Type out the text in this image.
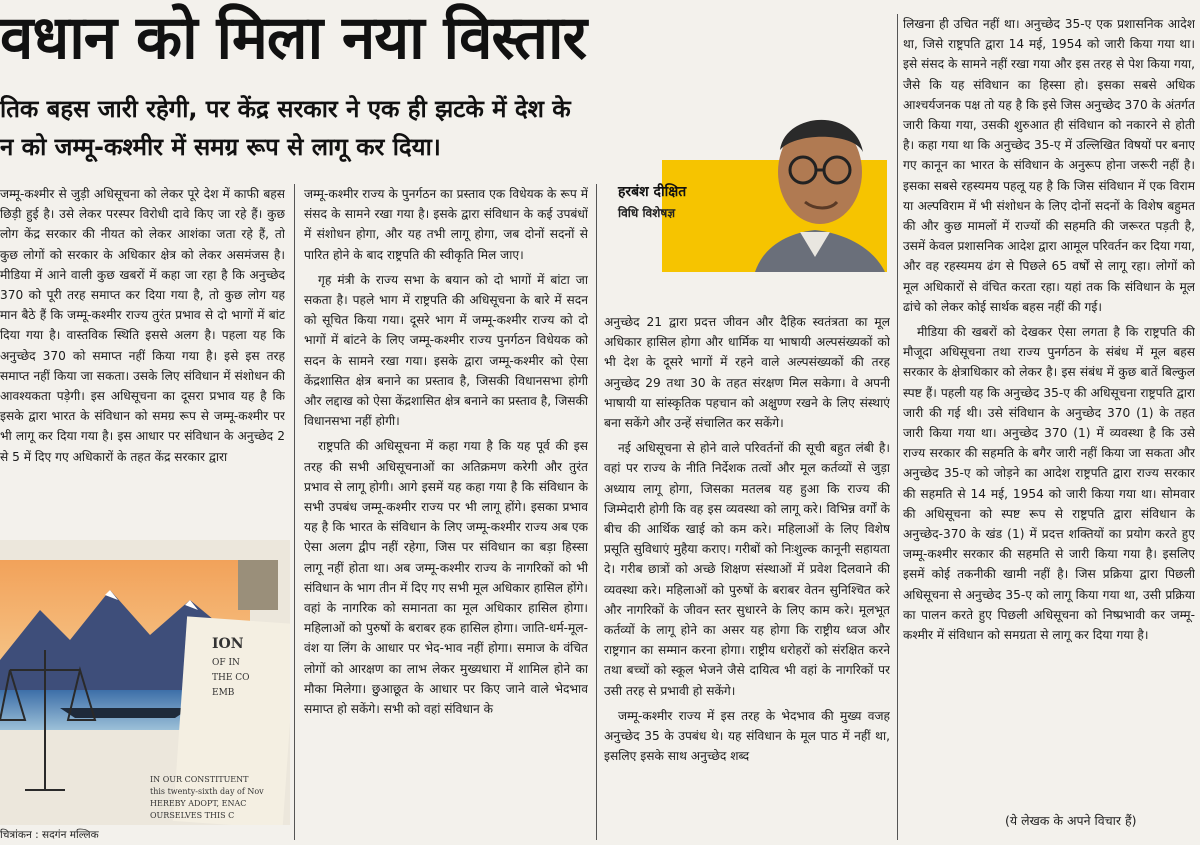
वधान को मिला नया विस्तार
तिक बहस जारी रहेगी, पर केंद्र सरकार ने एक ही झटके में देश के
न को जम्मू-कश्मीर में समग्र रूप से लागू कर दिया।

जम्मू-कश्मीर से जुड़ी अधिसूचना को लेकर पूरे देश में काफी बहस छिड़ी हुई है। उसे लेकर परस्पर विरोधी दावे किए जा रहे हैं। कुछ लोग केंद्र सरकार की नीयत को लेकर आशंका जता रहे हैं, तो कुछ लोगों को सरकार के अधिकार क्षेत्र को लेकर असमंजस है। मीडिया में आने वाली कुछ खबरों में कहा जा रहा है कि अनुच्छेद 370 को पूरी तरह समाप्त कर दिया गया है, तो कुछ लोग यह मान बैठे हैं कि जम्मू-कश्मीर राज्य तुरंत प्रभाव से दो भागों में बांट दिया गया है। वास्तविक स्थिति इससे अलग है। पहला यह कि अनुच्छेद 370 को समाप्त नहीं किया गया है। इसे इस तरह समाप्त नहीं किया जा सकता। उसके लिए संविधान में संशोधन की आवश्यकता पड़ेगी। इस अधिसूचना का दूसरा प्रभाव यह है कि इसके द्वारा भारत के संविधान को समग्र रूप से जम्मू-कश्मीर पर भी लागू कर दिया गया है। इस आधार पर संविधान के अनुच्छेद 2 से 5 में दिए गए अधिकारों के तहत केंद्र सरकार द्वारा

जम्मू-कश्मीर राज्य के पुनर्गठन का प्रस्ताव एक विधेयक के रूप में संसद के सामने रखा गया है। इसके द्वारा संविधान के कई उपबंधों में संशोधन होगा, और यह तभी लागू होगा, जब दोनों सदनों से पारित होने के बाद राष्ट्रपति की स्वीकृति मिल जाए।

गृह मंत्री के राज्य सभा के बयान को दो भागों में बांटा जा सकता है। पहले भाग में राष्ट्रपति की अधिसूचना के बारे में सदन को सूचित किया गया। दूसरे भाग में जम्मू-कश्मीर राज्य को दो भागों में बांटने के लिए जम्मू-कश्मीर राज्य पुनर्गठन विधेयक को सदन के सामने रखा गया। इसके द्वारा जम्मू-कश्मीर को ऐसा केंद्रशासित क्षेत्र बनाने का प्रस्ताव है, जिसकी विधानसभा होगी और लद्दाख को ऐसा केंद्रशासित क्षेत्र बनाने का प्रस्ताव है, जिसकी विधानसभा नहीं होगी।

राष्ट्रपति की अधिसूचना में कहा गया है कि यह पूर्व की इस तरह की सभी अधिसूचनाओं का अतिक्रमण करेगी और तुरंत प्रभाव से लागू होगी। आगे इसमें यह कहा गया है कि संविधान के सभी उपबंध जम्मू-कश्मीर राज्य पर भी लागू होंगे। इसका प्रभाव यह है कि भारत के संविधान के लिए जम्मू-कश्मीर राज्य अब एक ऐसा अलग द्वीप नहीं रहेगा, जिस पर संविधान का बड़ा हिस्सा लागू नहीं होता था। अब जम्मू-कश्मीर राज्य के नागरिकों को भी संविधान के भाग तीन में दिए गए सभी मूल अधिकार हासिल होंगे। वहां के नागरिक को समानता का मूल अधिकार हासिल होगा। महिलाओं को पुरुषों के बराबर हक हासिल होगा। जाति-धर्म-मूल-वंश या लिंग के आधार पर भेद-भाव नहीं होगा। समाज के वंचित लोगों को आरक्षण का लाभ लेकर मुख्यधारा में शामिल होने का मौका मिलेगा। छुआछूत के आधार पर किए जाने वाले भेदभाव समाप्त हो सकेंगे। सभी को वहां संविधान के

हरबंश दीक्षित
विधि विशेषज्ञ

अनुच्छेद 21 द्वारा प्रदत्त जीवन और दैहिक स्वतंत्रता का मूल अधिकार हासिल होगा और धार्मिक या भाषायी अल्पसंख्यकों को भी देश के दूसरे भागों में रहने वाले अल्पसंख्यकों की तरह अनुच्छेद 29 तथा 30 के तहत संरक्षण मिल सकेगा। वे अपनी भाषायी या सांस्कृतिक पहचान को अक्षुण्ण रखने के लिए संस्थाएं बना सकेंगे और उन्हें संचालित कर सकेंगे।

नई अधिसूचना से होने वाले परिवर्तनों की सूची बहुत लंबी है। वहां पर राज्य के नीति निर्देशक तत्वों और मूल कर्तव्यों से जुड़ा अध्याय लागू होगा, जिसका मतलब यह हुआ कि राज्य की जिम्मेदारी होगी कि वह इस व्यवस्था को लागू करे। विभिन्न वर्गों के बीच की आर्थिक खाई को कम करे। महिलाओं के लिए विशेष प्रसूति सुविधाएं मुहैया कराए। गरीबों को निःशुल्क कानूनी सहायता दे। गरीब छात्रों को अच्छे शिक्षण संस्थाओं में प्रवेश दिलवाने की व्यवस्था करे। महिलाओं को पुरुषों के बराबर वेतन सुनिश्चित करे और नागरिकों के जीवन स्तर सुधारने के लिए काम करे। मूलभूत कर्तव्यों के लागू होने का असर यह होगा कि राष्ट्रीय ध्वज और राष्ट्रगान का सम्मान करना होगा। राष्ट्रीय धरोहरों को संरक्षित करने तथा बच्चों को स्कूल भेजने जैसे दायित्व भी वहां के नागरिकों पर उसी तरह से प्रभावी हो सकेंगे।

जम्मू-कश्मीर राज्य में इस तरह के भेदभाव की मुख्य वजह अनुच्छेद 35 के उपबंध थे। यह संविधान के मूल पाठ में नहीं था, इसलिए इसके साथ अनुच्छेद शब्द

लिखना ही उचित नहीं था। अनुच्छेद 35-ए एक प्रशासनिक आदेश था, जिसे राष्ट्रपति द्वारा 14 मई, 1954 को जारी किया गया था। इसे संसद के सामने नहीं रखा गया और इस तरह से पेश किया गया, जैसे कि यह संविधान का हिस्सा हो। इसका सबसे अधिक आश्चर्यजनक पक्ष तो यह है कि इसे जिस अनुच्छेद 370 के अंतर्गत जारी किया गया, उसकी शुरुआत ही संविधान को नकारने से होती है। कहा गया था कि अनुच्छेद 35-ए में उल्लिखित विषयों पर बनाए गए कानून का भारत के संविधान के अनुरूप होना जरूरी नहीं है। इसका सबसे रहस्यमय पहलू यह है कि जिस संविधान में एक विराम या अल्पविराम में भी संशोधन के लिए दोनों सदनों के विशेष बहुमत की और कुछ मामलों में राज्यों की सहमति की जरूरत पड़ती है, उसमें केवल प्रशासनिक आदेश द्वारा आमूल परिवर्तन कर दिया गया, और वह रहस्यमय ढंग से पिछले 65 वर्षों से लागू रहा। लोगों को मूल अधिकारों से वंचित करता रहा। यहां तक कि संविधान के मूल ढांचे को लेकर कोई सार्थक बहस नहीं की गई।

मीडिया की खबरों को देखकर ऐसा लगता है कि राष्ट्रपति की मौजूदा अधिसूचना तथा राज्य पुनर्गठन के संबंध में मूल बहस सरकार के क्षेत्राधिकार को लेकर है। इस संबंध में कुछ बातें बिल्कुल स्पष्ट हैं। पहली यह कि अनुच्छेद 35-ए की अधिसूचना राष्ट्रपति द्वारा जारी की गई थी। उसे संविधान के अनुच्छेद 370 (1) के तहत जारी किया गया था। अनुच्छेद 370 (1) में व्यवस्था है कि उसे राज्य सरकार की सहमति के बगैर जारी नहीं किया जा सकता और अनुच्छेद 35-ए को जोड़ने का आदेश राष्ट्रपति द्वारा राज्य सरकार की सहमति से 14 मई, 1954 को जारी किया गया था। सोमवार की अधिसूचना को स्पष्ट रूप से राष्ट्रपति द्वारा संविधान के अनुच्छेद-370 के खंड (1) में प्रदत्त शक्तियों का प्रयोग करते हुए जम्मू-कश्मीर सरकार की सहमति से जारी किया गया है। इसलिए इसमें कोई तकनीकी खामी नहीं है। जिस प्रक्रिया द्वारा पिछली अधिसूचना से अनुच्छेद 35-ए को लागू किया गया था, उसी प्रक्रिया का पालन करते हुए पिछली अधिसूचना को निष्प्रभावी कर जम्मू-कश्मीर में संविधान को समग्रता से लागू कर दिया गया है।

ION
OF IN
THE CO
EMB
IN OUR CONSTITUENT
this twenty-sixth day of Nov
HEREBY ADOPT, ENAC
OURSELVES THIS C
चित्रांकन : सदगंन मल्लिक
(ये लेखक के अपने विचार हैं)
